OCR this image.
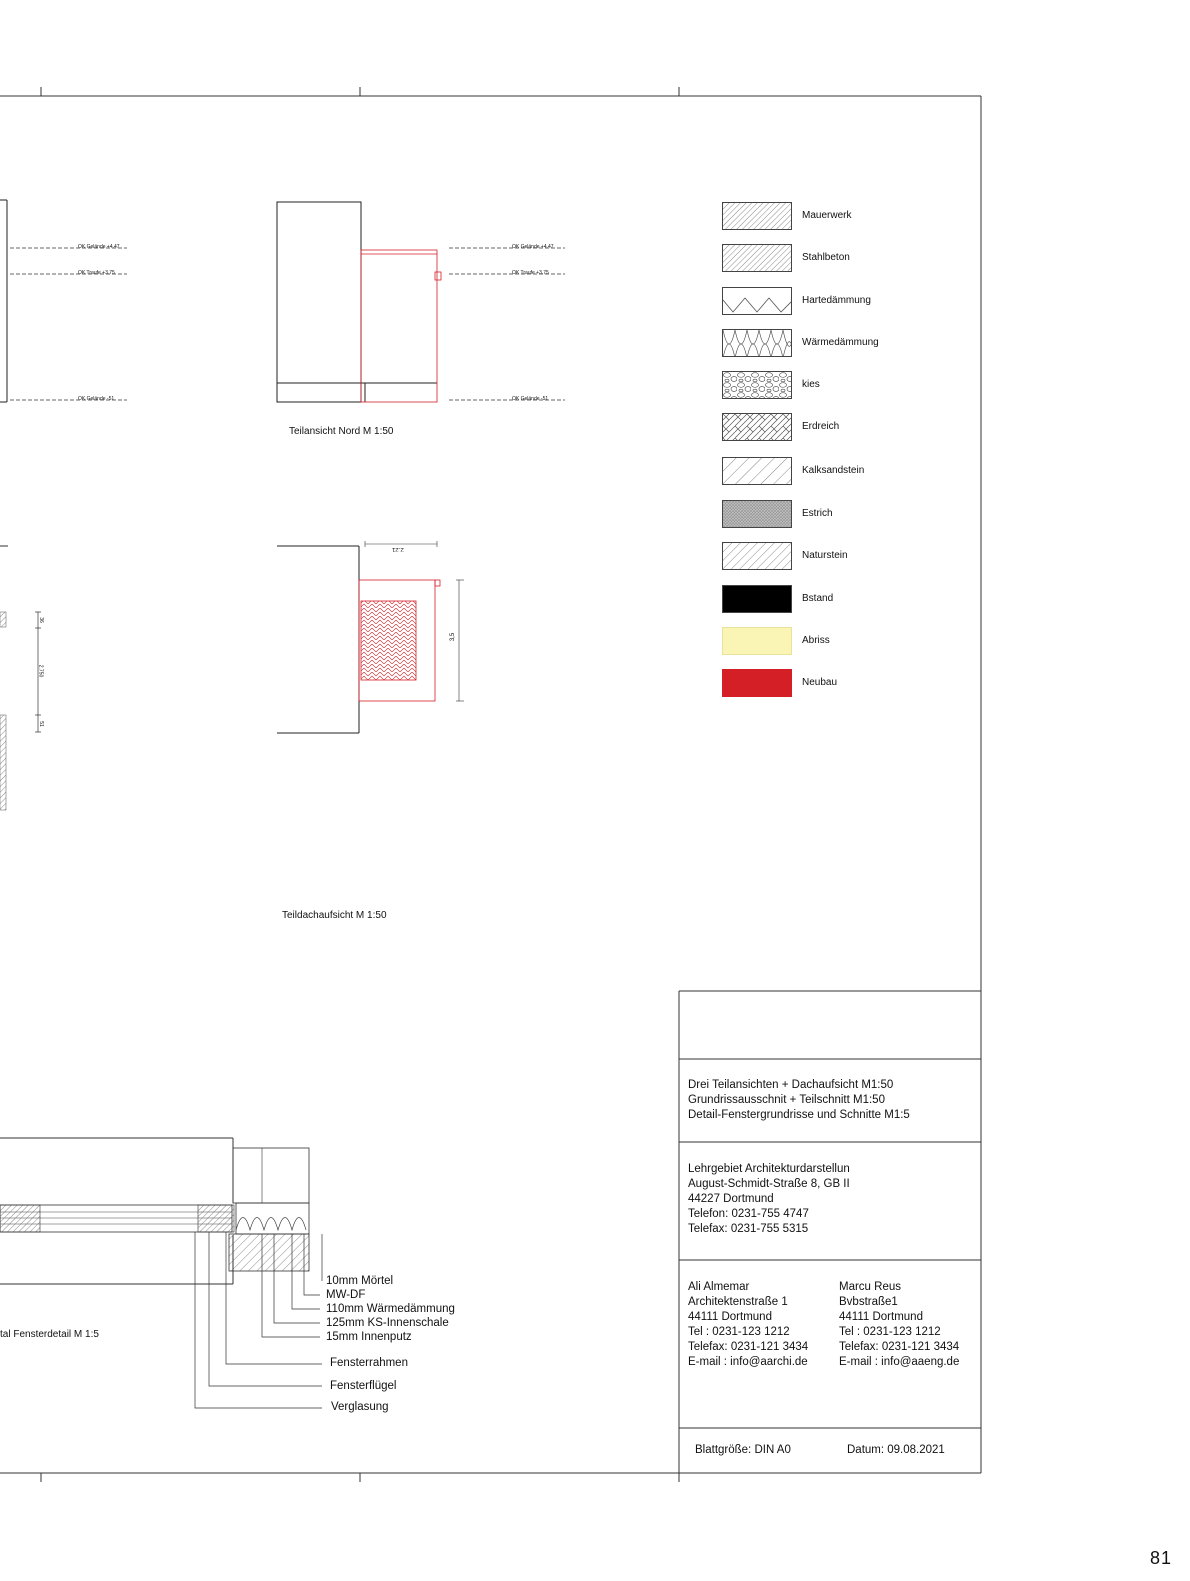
OK Gelände +4.47
OK Traufe +3.75
OK Gelände -51
OK Gelände +4.47
OK Traufe +3.75
OK Gelände -51
2.21
3,5
36
2.750
51
Teilansicht Nord M 1:50
Teildachaufsicht M 1:50
tal Fensterdetail M 1:5
Mauerwerk
Stahlbeton
Hartedämmung
Wärmedämmung
kies
Erdreich
Kalksandstein
Estrich
Naturstein
Bstand
Abriss
Neubau
10mm Mörtel
MW-DF
110mm Wärmedämmung
125mm KS-Innenschale
15mm Innenputz
Fensterrahmen
Fensterflügel
Verglasung
Drei Teilansichten + Dachaufsicht M1:50
Grundrissausschnit + Teilschnitt M1:50
Detail-Fenstergrundrisse und Schnitte M1:5
Lehrgebiet Architekturdarstellun
August-Schmidt-Straße 8, GB II
44227 Dortmund
Telefon: 0231-755 4747
Telefax: 0231-755 5315
Ali Almemar
Architektenstraße 1
44111 Dortmund
Tel : 0231-123 1212
Telefax: 0231-121 3434
E-mail : info@aarchi.de
Marcu Reus
Bvbstraße1
44111 Dortmund
Tel : 0231-123 1212
Telefax: 0231-121 3434
E-mail : info@aaeng.de
Blattgröße: DIN A0	Datum: 09.08.2021
81
